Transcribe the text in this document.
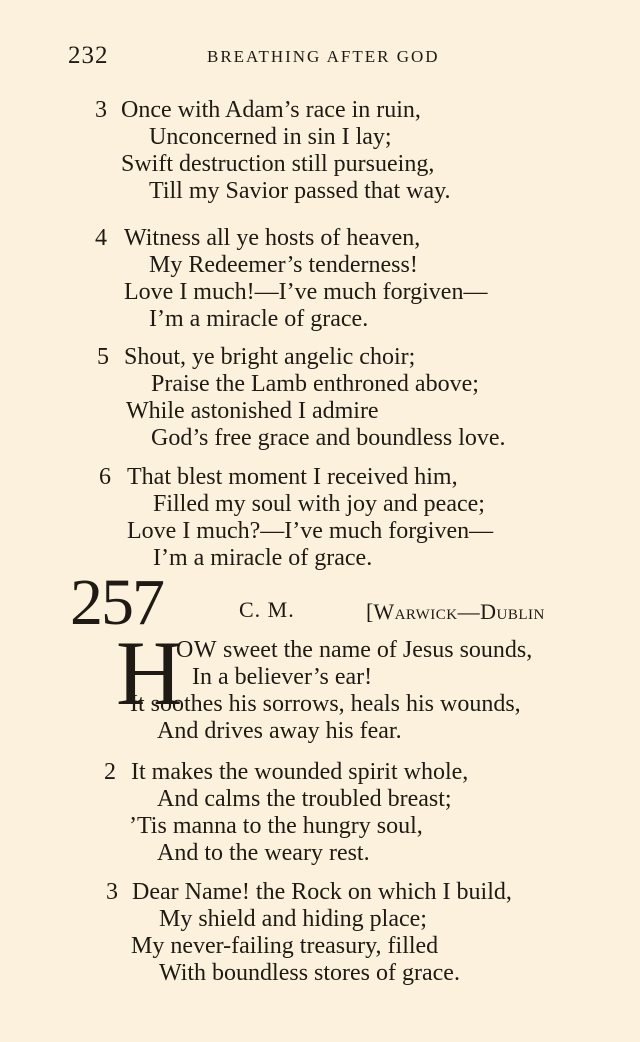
232	BREATHING AFTER GOD
3 Once with Adam’s race in ruin,
Unconcerned in sin I lay;
Swift destruction still pursueing,
Till my Savior passed that way.
4 Witness all ye hosts of heaven,
My Redeemer’s tenderness!
Love I much!—I’ve much forgiven—
I’m a miracle of grace.
5 Shout, ye bright angelic choir;
Praise the Lamb enthroned above;
While astonished I admire
God’s free grace and boundless love.
6 That blest moment I received him,
Filled my soul with joy and peace;
Love I much?—I’ve much forgiven—
I’m a miracle of grace.
257	C. M.	[Warwick—Dublin
H
OW sweet the name of Jesus sounds,
In a believer’s ear!
It soothes his sorrows, heals his wounds,
And drives away his fear.
2 It makes the wounded spirit whole,
And calms the troubled breast;
’Tis manna to the hungry soul,
And to the weary rest.
3 Dear Name! the Rock on which I build,
My shield and hiding place;
My never-failing treasury, filled
With boundless stores of grace.
